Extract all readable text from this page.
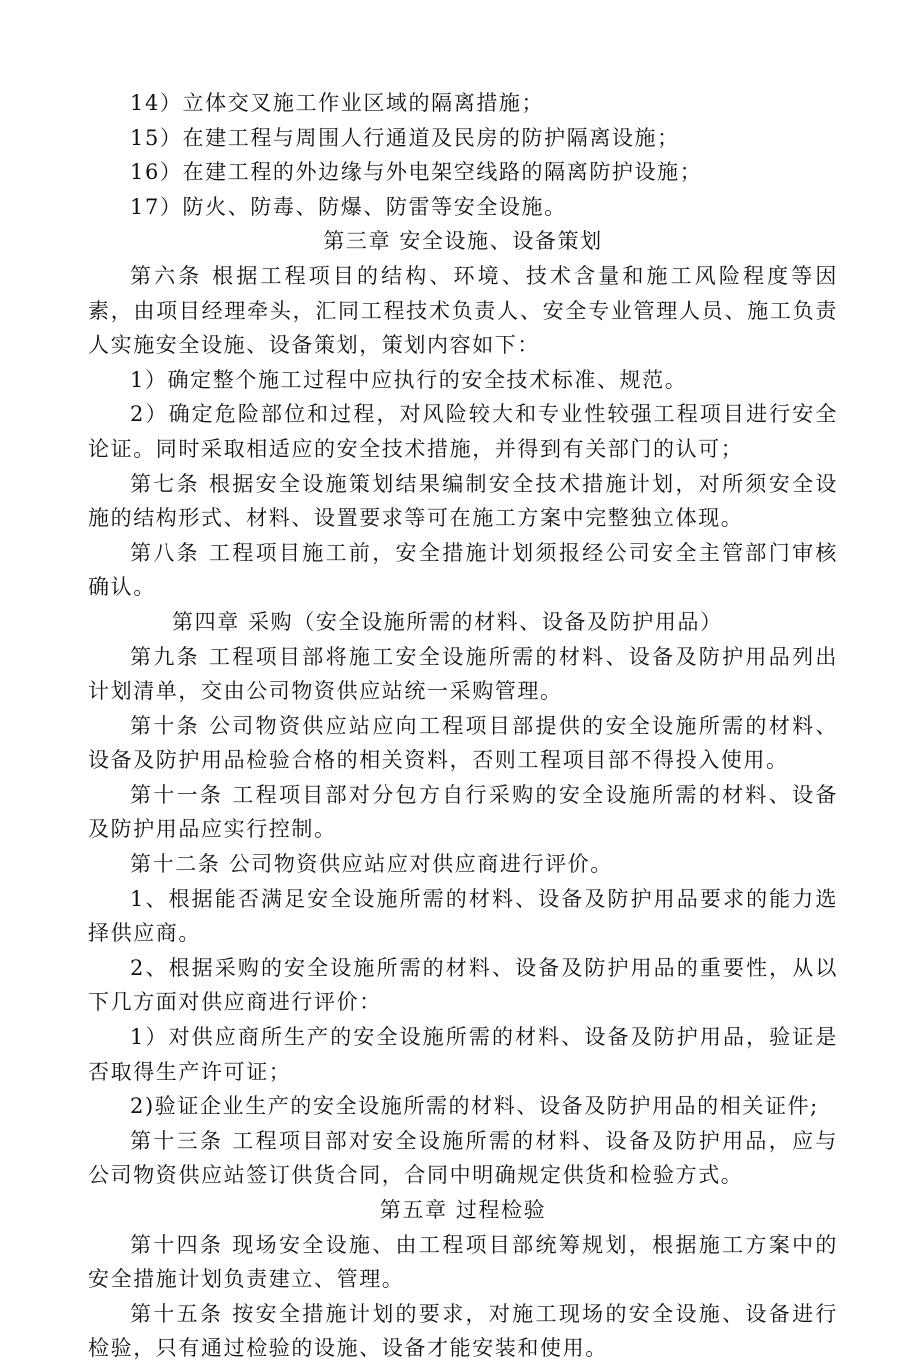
14）立体交叉施工作业区域的隔离措施；

15）在建工程与周围人行通道及民房的防护隔离设施；

16）在建工程的外边缘与外电架空线路的隔离防护设施；

17）防火、防毒、防爆、防雷等安全设施。

第三章 安全设施、设备策划

第六条 根据工程项目的结构、环境、技术含量和施工风险程度等因素，由项目经理牵头，汇同工程技术负责人、安全专业管理人员、施工负责人实施安全设施、设备策划，策划内容如下：

1）确定整个施工过程中应执行的安全技术标准、规范。

2）确定危险部位和过程，对风险较大和专业性较强工程项目进行安全论证。同时采取相适应的安全技术措施，并得到有关部门的认可；

第七条 根据安全设施策划结果编制安全技术措施计划，对所须安全设施的结构形式、材料、设置要求等可在施工方案中完整独立体现。

第八条 工程项目施工前，安全措施计划须报经公司安全主管部门审核确认。

第四章 采购（安全设施所需的材料、设备及防护用品）

第九条 工程项目部将施工安全设施所需的材料、设备及防护用品列出计划清单，交由公司物资供应站统一采购管理。

第十条 公司物资供应站应向工程项目部提供的安全设施所需的材料、设备及防护用品检验合格的相关资料，否则工程项目部不得投入使用。

第十一条 工程项目部对分包方自行采购的安全设施所需的材料、设备及防护用品应实行控制。

第十二条 公司物资供应站应对供应商进行评价。

1、根据能否满足安全设施所需的材料、设备及防护用品要求的能力选择供应商。

2、根据采购的安全设施所需的材料、设备及防护用品的重要性，从以下几方面对供应商进行评价：

1）对供应商所生产的安全设施所需的材料、设备及防护用品，验证是否取得生产许可证；

2)验证企业生产的安全设施所需的材料、设备及防护用品的相关证件;

第十三条 工程项目部对安全设施所需的材料、设备及防护用品，应与公司物资供应站签订供货合同，合同中明确规定供货和检验方式。

第五章 过程检验

第十四条 现场安全设施、由工程项目部统筹规划，根据施工方案中的安全措施计划负责建立、管理。

第十五条 按安全措施计划的要求，对施工现场的安全设施、设备进行检验，只有通过检验的设施、设备才能安装和使用。
